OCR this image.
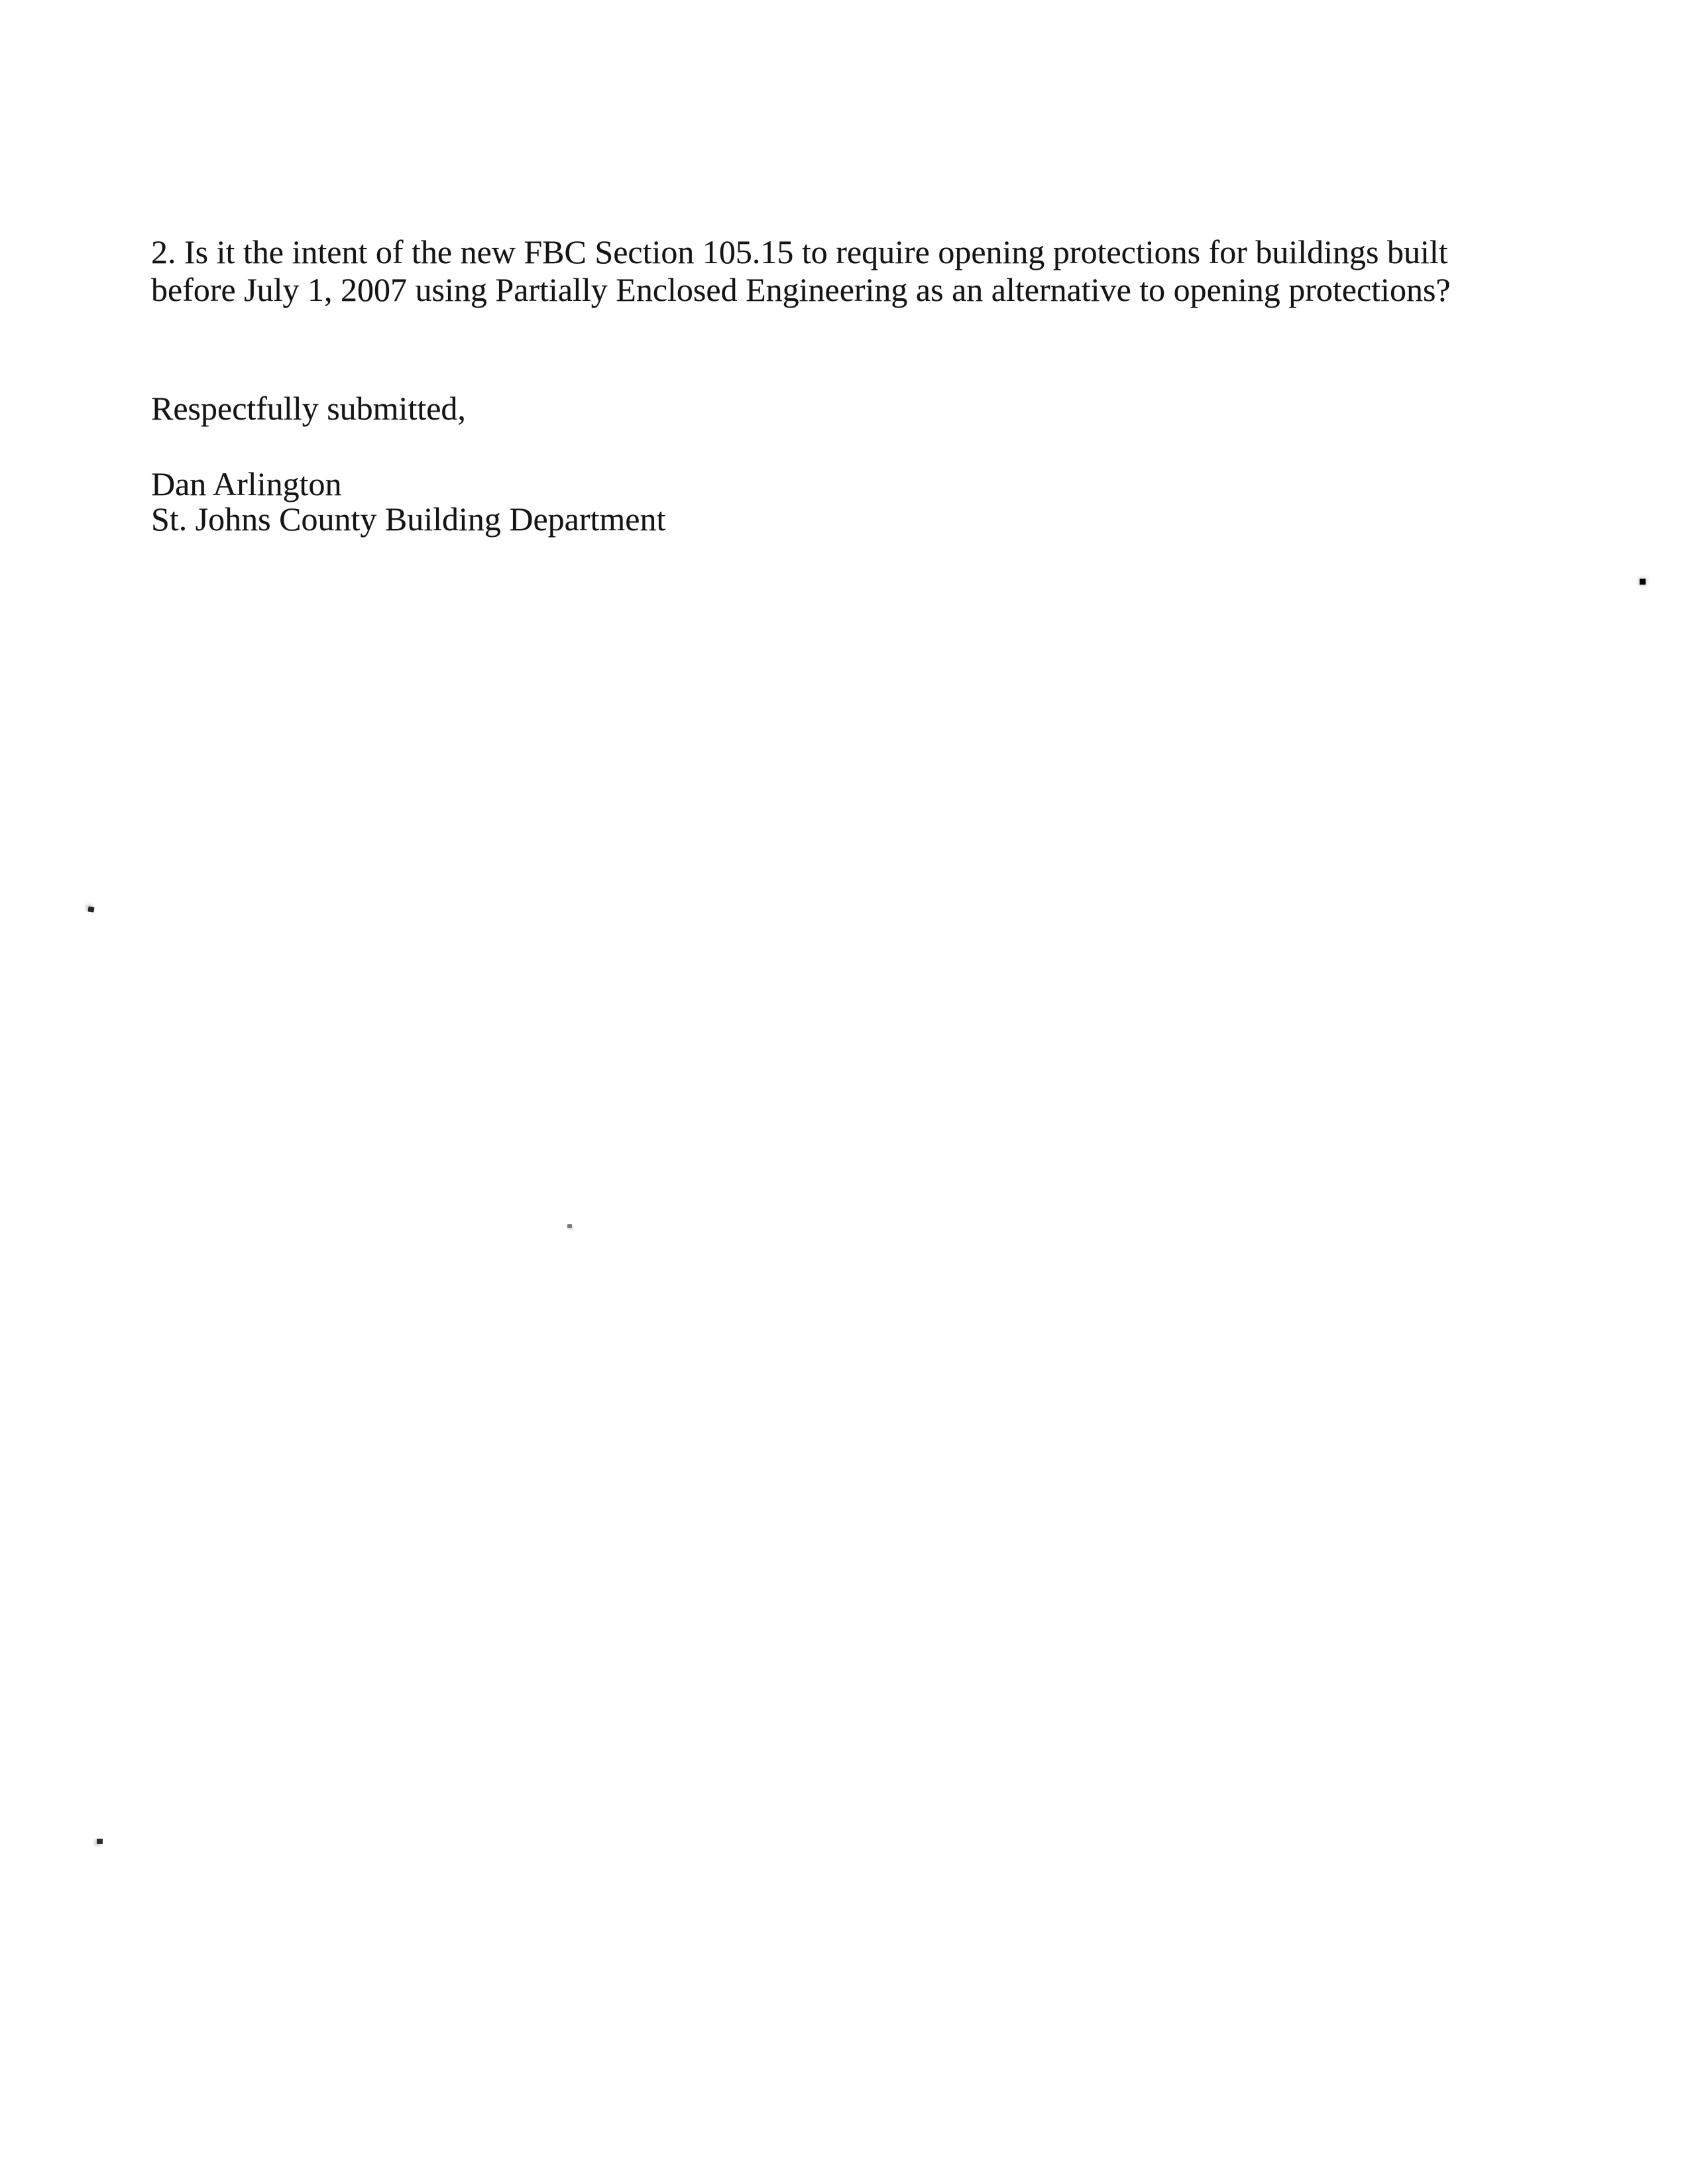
2. Is it the intent of the new FBC Section 105.15 to require opening protections for buildings built
before July 1, 2007 using Partially Enclosed Engineering as an alternative to opening protections?
Respectfully submitted,
Dan Arlington
St. Johns County Building Department
